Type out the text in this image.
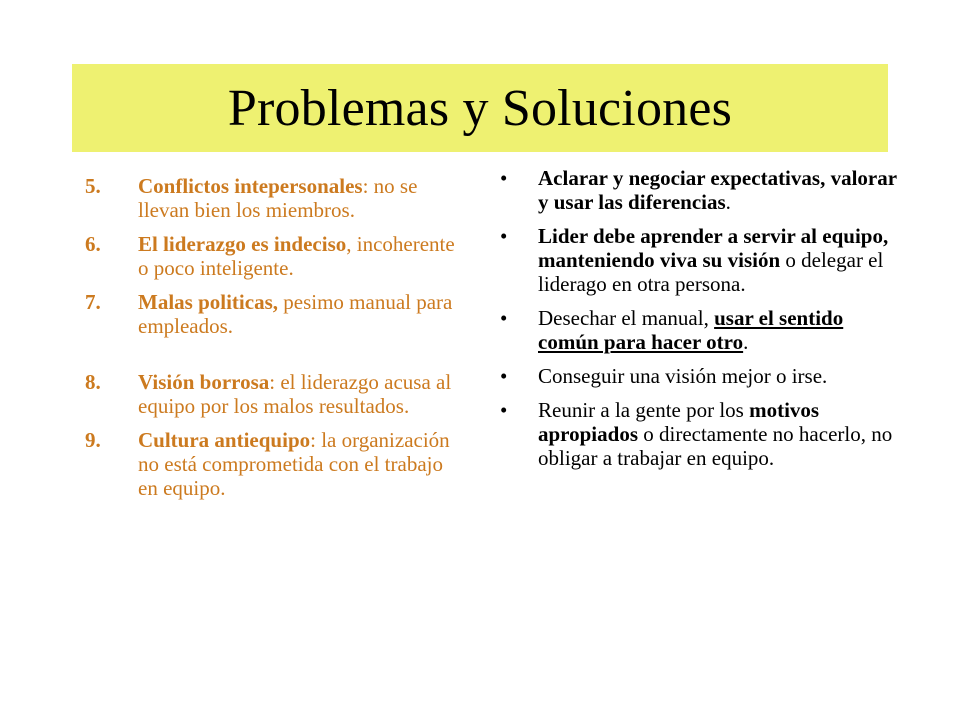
Problemas y Soluciones
5.	Conflictos intepersonales: no se llevan bien los miembros.
6.	El liderazgo es indeciso, incoherente o poco inteligente.
7.	Malas politicas, pesimo manual para empleados.
8.	Visión borrosa: el liderazgo acusa al equipo por los malos resultados.
9.	Cultura antiequipo: la organización no está comprometida con el trabajo en equipo.
•	Aclarar y negociar expectativas, valorar y usar las diferencias.
•	Lider debe aprender a servir al equipo, manteniendo viva su visión o delegar el liderago en otra persona.
•	Desechar el manual, usar el sentido común para hacer otro.
•	Conseguir una visión mejor o irse.
•	Reunir a la gente por los motivos apropiados o directamente no hacerlo, no obligar a trabajar en equipo.
